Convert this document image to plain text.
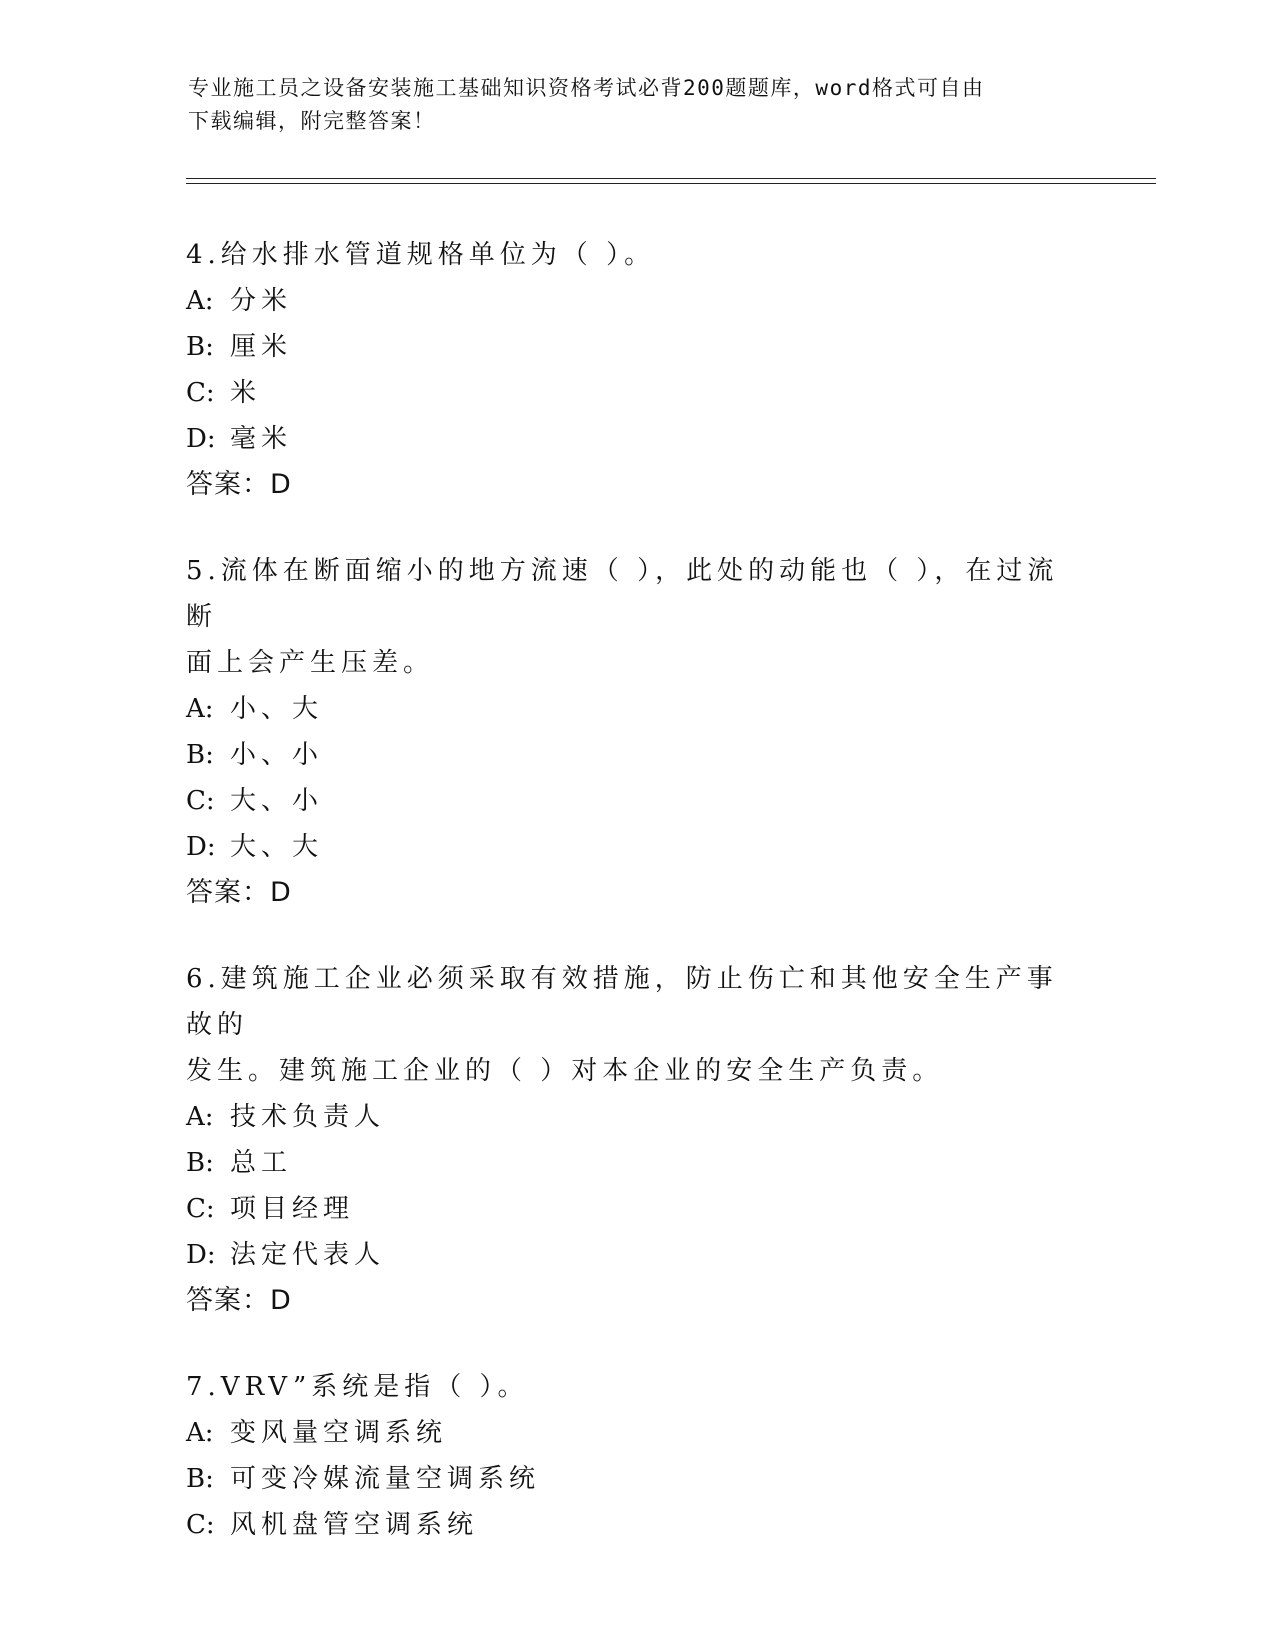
专业施工员之设备安装施工基础知识资格考试必背200题题库，word格式可自由
下载编辑，附完整答案！
4.给水排水管道规格单位为（ ）。
A: 分米
B: 厘米
C: 米
D: 毫米
答案：D
5.流体在断面缩小的地方流速（ ），此处的动能也（ ），在过流断
面上会产生压差。
A: 小、大
B: 小、小
C: 大、小
D: 大、大
答案：D
6.建筑施工企业必须采取有效措施，防止伤亡和其他安全生产事故的
发生。建筑施工企业的（ ）对本企业的安全生产负责。
A: 技术负责人
B: 总工
C: 项目经理
D: 法定代表人
答案：D
7.VRV”系统是指（ ）。
A: 变风量空调系统
B: 可变冷媒流量空调系统
C: 风机盘管空调系统
